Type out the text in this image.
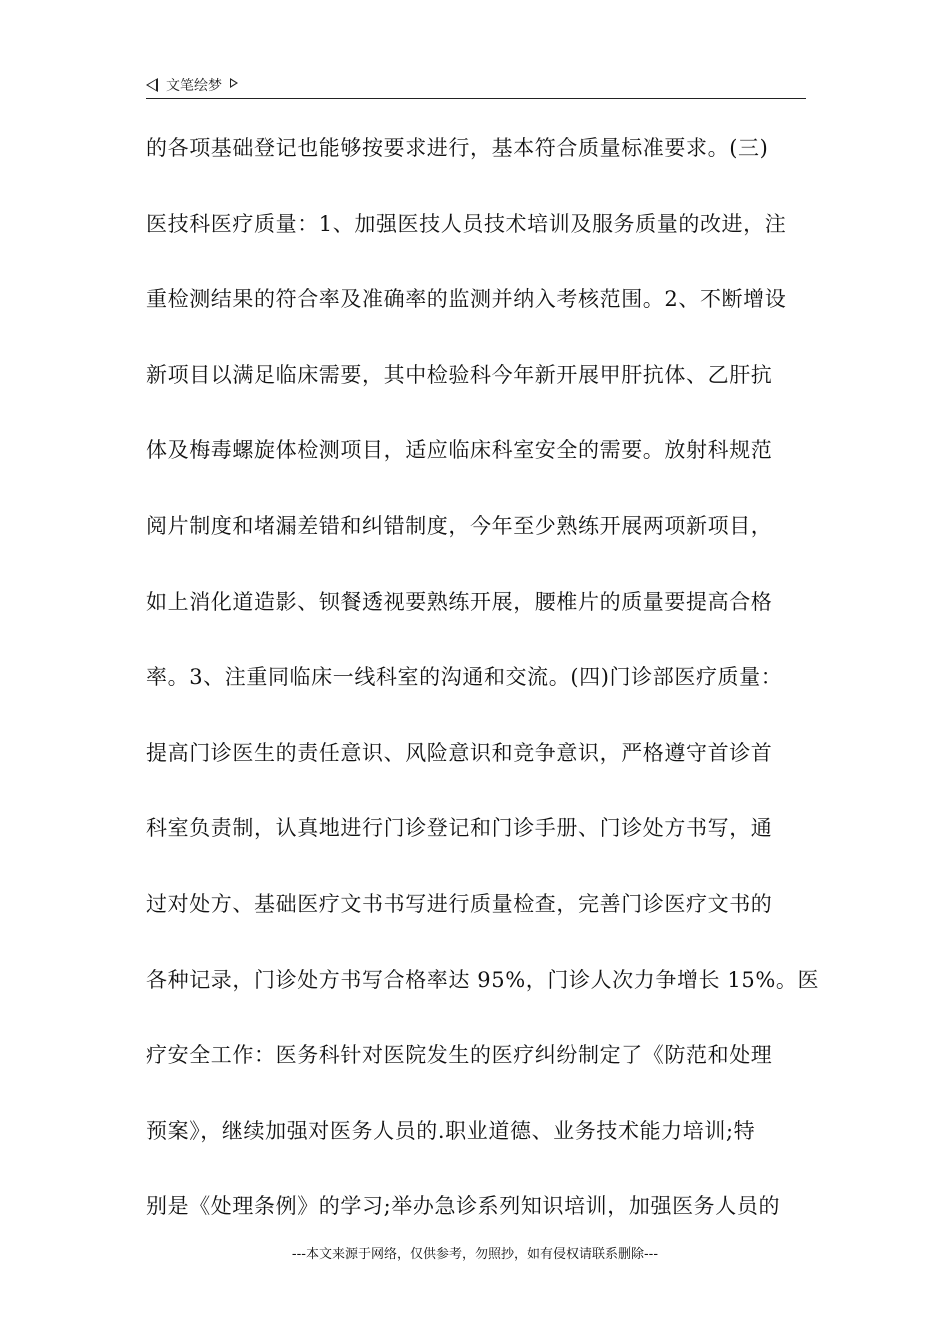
文笔绘梦
的各项基础登记也能够按要求进行，基本符合质量标准要求。(三)
医技科医疗质量：1、加强医技人员技术培训及服务质量的改进，注
重检测结果的符合率及准确率的监测并纳入考核范围。2、不断增设
新项目以满足临床需要，其中检验科今年新开展甲肝抗体、乙肝抗
体及梅毒螺旋体检测项目，适应临床科室安全的需要。放射科规范
阅片制度和堵漏差错和纠错制度，今年至少熟练开展两项新项目，
如上消化道造影、钡餐透视要熟练开展，腰椎片的质量要提高合格
率。3、注重同临床一线科室的沟通和交流。(四)门诊部医疗质量：
提高门诊医生的责任意识、风险意识和竞争意识，严格遵守首诊首
科室负责制，认真地进行门诊登记和门诊手册、门诊处方书写，通
过对处方、基础医疗文书书写进行质量检查，完善门诊医疗文书的
各种记录，门诊处方书写合格率达 95%，门诊人次力争增长 15%。医
疗安全工作：医务科针对医院发生的医疗纠纷制定了《防范和处理
预案》，继续加强对医务人员的.职业道德、业务技术能力培训;特
别是《处理条例》的学习;举办急诊系列知识培训，加强医务人员的
---本文来源于网络，仅供参考，勿照抄，如有侵权请联系删除---
